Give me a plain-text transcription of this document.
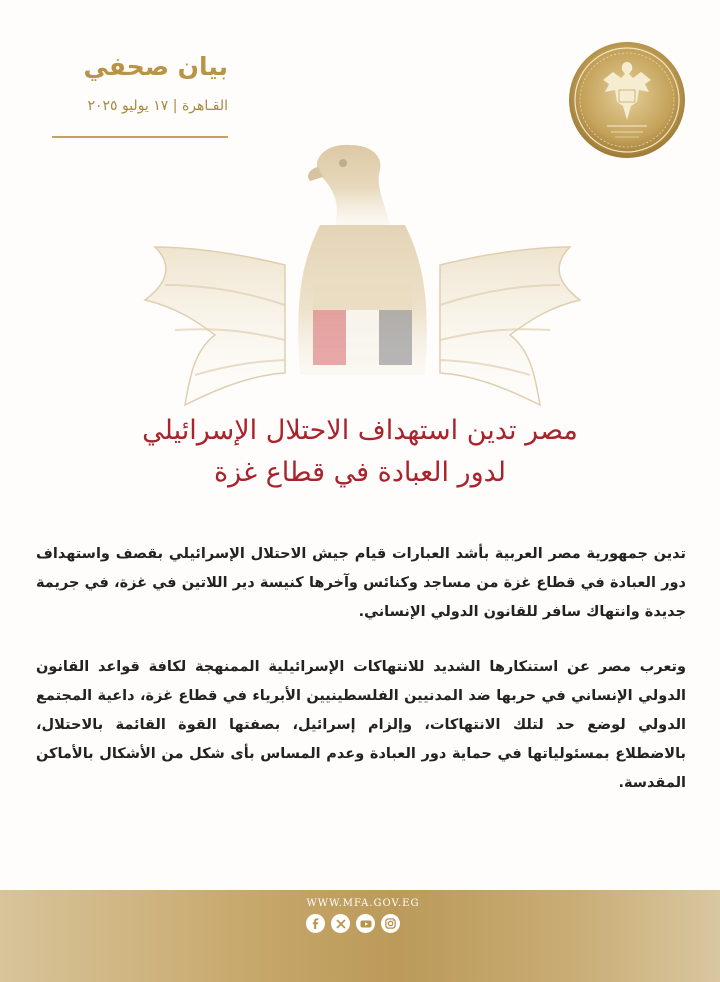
بيان صحفي
القـاهرة | ١٧ يوليو ٢٠٢٥
مصر تدين استهداف الاحتلال الإسرائيلي
لدور العبادة في قطاع غزة

تدين جمهورية مصر العربية بأشد العبارات قيام جيش الاحتلال الإسرائيلي بقصف واستهداف دور العبادة في قطاع غزة من مساجد وكنائس وآخرها كنيسة دير اللاتين في غزة، في جريمة جديدة وانتهاك سافر للقانون الدولي الإنساني.

وتعرب مصر عن استنكارها الشديد للانتهاكات الإسرائيلية الممنهجة لكافة قواعد القانون الدولي الإنساني في حربها ضد المدنيين الفلسطينيين الأبرياء في قطاع غزة، داعية المجتمع الدولي لوضع حد لتلك الانتهاكات، وإلزام إسرائيل، بصفتها القوة القائمة بالاحتلال، بالاضطلاع بمسئولياتها في حماية دور العبادة وعدم المساس بأى شكل من الأشكال بالأماكن المقدسة.

WWW.MFA.GOV.EG
